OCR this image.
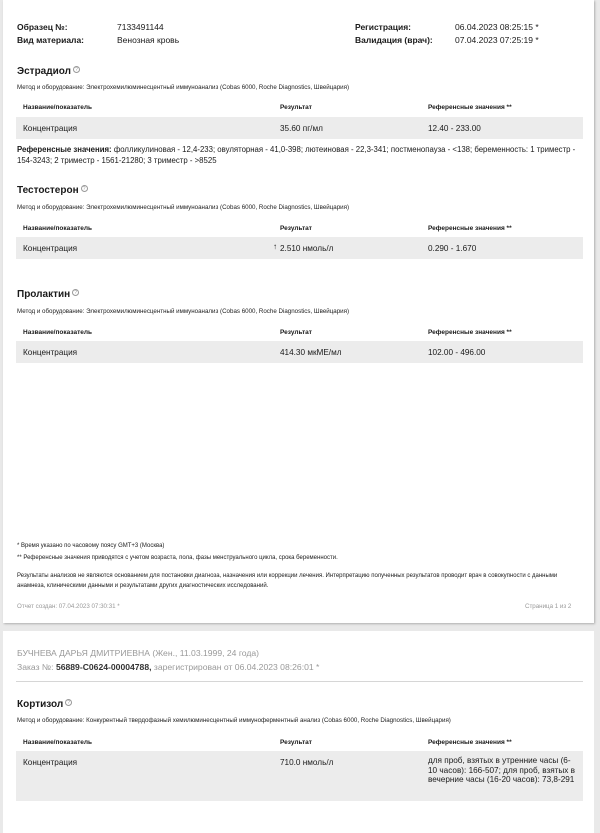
Образец №:	7133491144
Вид материала:	Венозная кровь
Регистрация:	06.04.2023 08:25:15 *
Валидация (врач):	07.04.2023 07:25:19 *
Эстрадиол ?
Метод и оборудование: Электрохемилюминесцентный иммуноанализ (Cobas 6000, Roche Diagnostics, Швейцария)
Название/показатель	Результат	Референсные значения **
Концентрация	35.60 пг/мл	12.40 - 233.00
Референсные значения: фолликулиновая - 12,4-233; овуляторная - 41,0-398; лютеиновая - 22,3-341; постменопауза - <138; беременность: 1 триместр - 154-3243; 2 триместр - 1561-21280; 3 триместр - >8525
Тестостерон ?
Метод и оборудование: Электрохемилюминесцентный иммуноанализ (Cobas 6000, Roche Diagnostics, Швейцария)
Название/показатель	Результат	Референсные значения **
Концентрация	↑ 2.510 нмоль/л	0.290 - 1.670
Пролактин ?
Метод и оборудование: Электрохемилюминесцентный иммуноанализ (Cobas 6000, Roche Diagnostics, Швейцария)
Название/показатель	Результат	Референсные значения **
Концентрация	414.30 мкМЕ/мл	102.00 - 496.00
* Время указано по часовому поясу GMT+3 (Москва)
** Референсные значения приводятся с учетом возраста, пола, фазы менструального цикла, срока беременности.
Результаты анализов не являются основанием для постановки диагноза, назначения или коррекции лечения. Интерпретацию полученных результатов проводит врач в совокупности с данными анамнеза, клиническими данными и результатами других диагностических исследований.
Отчет создан: 07.04.2023 07:30:31 *	Страница 1 из 2
БУЧНЕВА ДАРЬЯ ДМИТРИЕВНА (Жен., 11.03.1999, 24 года)
Заказ №: 56889-C0624-00004788, зарегистрирован от 06.04.2023 08:26:01 *
Кортизол ?
Метод и оборудование: Конкурентный твердофазный хемилюминесцентный иммуноферментный анализ (Cobas 6000, Roche Diagnostics, Швейцария)
Название/показатель	Результат	Референсные значения **
Концентрация	710.0 нмоль/л	для проб, взятых в утренние часы (6-10 часов): 166-507; для проб, взятых в вечерние часы (16-20 часов): 73,8-291
